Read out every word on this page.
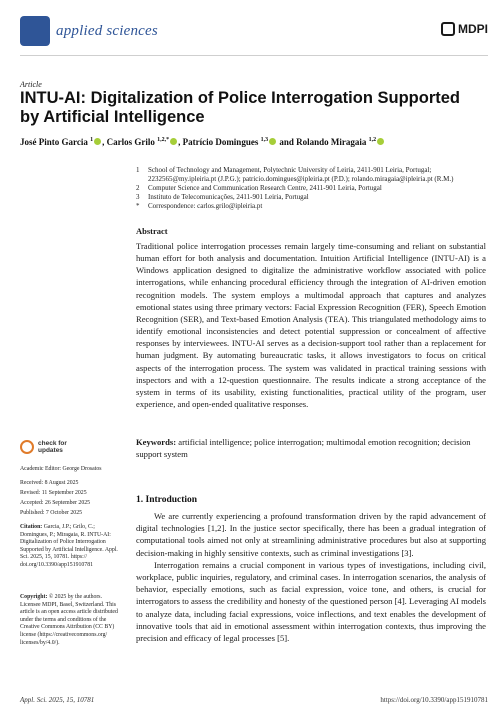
applied sciences	MDPI
Article
INTU-AI: Digitalization of Police Interrogation Supported by Artificial Intelligence
José Pinto Garcia $^1$ , Carlos Grilo $^{1,2,*}$ , Patrício Domingues $^{1,3}$ and Rolando Miragaia $^{1,2}$
1	School of Technology and Management, Polytechnic University of Leiria, 2411-901 Leiria, Portugal;
2232565@my.ipleiria.pt (J.P.G.); patricio.domingues@ipleiria.pt (P.D.); rolando.miragaia@ipleiria.pt (R.M.)
2	Computer Science and Communication Research Centre, 2411-901 Leiria, Portugal
3	Instituto de Telecomunicações, 2411-901 Leiria, Portugal
*	Correspondence: carlos.grilo@ipleiria.pt
Abstract
Traditional police interrogation processes remain largely time-consuming and reliant on substantial human effort for both analysis and documentation. Intuition Artificial Intelligence (INTU-AI) is a Windows application designed to digitalize the administrative workflow associated with police interrogations, while enhancing procedural efficiency through the integration of AI-driven emotion recognition models. The system employs a multimodal approach that captures and analyzes emotional states using three primary vectors: Facial Expression Recognition (FER), Speech Emotion Recognition (SER), and Text-based Emotion Analysis (TEA). This triangulated methodology aims to identify emotional inconsistencies and detect potential suppression or concealment of affective responses by interviewees. INTU-AI serves as a decision-support tool rather than a replacement for human judgment. By automating bureaucratic tasks, it allows investigators to focus on critical aspects of the interrogation process. The system was validated in practical training sessions with inspectors and with a 12-question questionnaire. The results indicate a strong acceptance of the system in terms of its usability, existing functionalities, practical utility of the program, user experience, and open-ended qualitative responses.
Keywords: artificial intelligence; police interrogation; multimodal emotion recognition; decision support system
check for updates
Academic Editor: George Drosatos
Received: 8 August 2025
Revised: 11 September 2025
Accepted: 26 September 2025
Published: 7 October 2025
Citation: Garcia, J.P.; Grilo, C.; Domingues, P.; Miragaia, R. INTU-AI: Digitalization of Police Interrogation Supported by Artificial Intelligence. Appl. Sci. 2025, 15, 10781. https:// doi.org/10.3390/app151910781
Copyright: © 2025 by the authors. Licensee MDPI, Basel, Switzerland. This article is an open access article distributed under the terms and conditions of the Creative Commons Attribution (CC BY) license (https://creativecommons.org/ licenses/by/4.0/).
1. Introduction

We are currently experiencing a profound transformation driven by the rapid advancement of digital technologies [1,2]. In the justice sector specifically, there has been a gradual integration of computational tools aimed not only at streamlining administrative procedures but also at supporting decision-making in highly sensitive contexts, such as criminal investigations [3].

Interrogation remains a crucial component in various types of investigations, including civil, workplace, public inquiries, regulatory, and criminal cases. In interrogation scenarios, the analysis of behavior, especially emotions, such as facial expression, voice tone, and others, is crucial for interrogators to assess the credibility and honesty of the questioned person [4]. Leveraging AI models to analyze data, including facial expressions, voice inflections, and text enables the development of innovative tools that aid in emotional assessment within interrogation contexts, thus improving the precision and efficacy of legal processes [5].

Appl. Sci. 2025, 15, 10781	https://doi.org/10.3390/app151910781
